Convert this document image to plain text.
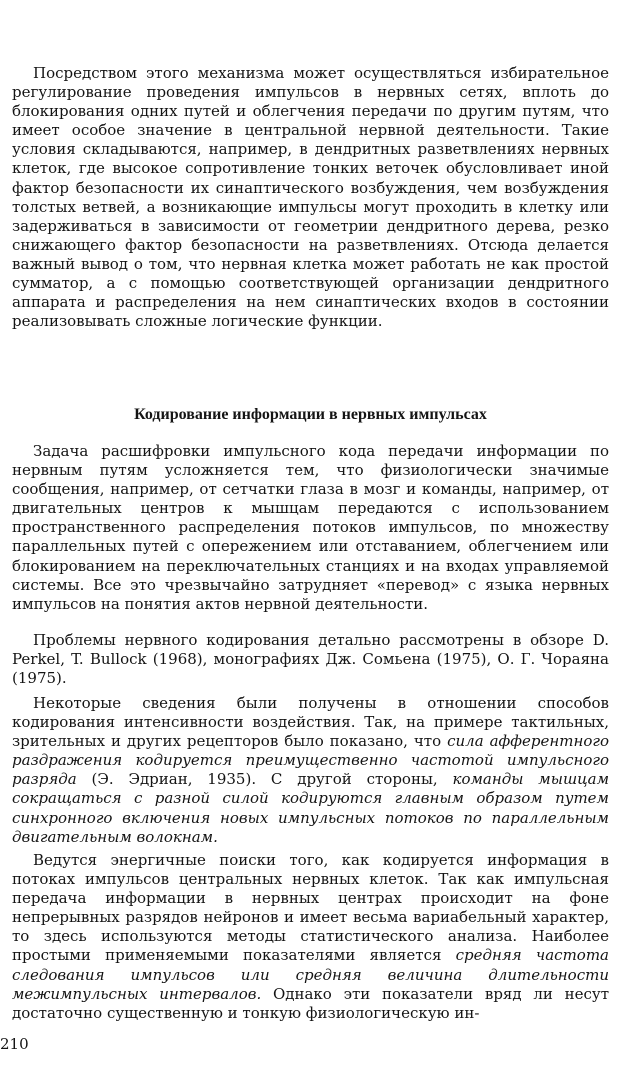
Посредством этого механизма может осуществляться избирательное регулирование проведения импульсов в нервных сетях, вплоть до блокирования одних путей и облегчения передачи по другим путям, что имеет особое значение в центральной нервной деятельности. Такие условия складываются, например, в дендритных разветвлениях нервных клеток, где высокое сопротивление тонких веточек обусловливает иной фактор безопасности их синаптического возбуждения, чем возбуждения толстых ветвей, а возникающие импульсы могут проходить в клетку или задерживаться в зависимости от геометрии дендритного дерева, резко снижающего фактор безопасности на разветвлениях. Отсюда делается важный вывод о том, что нервная клетка может работать не как простой сумматор, а с помощью соответствующей организации дендритного аппарата и распределения на нем синаптических входов в состоянии реализовывать сложные логические функции.
Кодирование информации в нервных импульсах
Задача расшифровки импульсного кода передачи информации по нервным путям усложняется тем, что физиологически значимые сообщения, например, от сетчатки глаза в мозг и команды, например, от двигательных центров к мышцам передаются с использованием пространственного распределения потоков импульсов, по множеству параллельных путей с опережением или отставанием, облегчением или блокированием на переключательных станциях и на входах управляемой системы. Все это чрезвычайно затрудняет «перевод» с языка нервных импульсов на понятия актов нервной деятельности.
Проблемы нервного кодирования детально рассмотрены в обзоре D. Perkel, T. Bullock (1968), монографиях Дж. Сомьена (1975), О. Г. Чораяна (1975).
Некоторые сведения были получены в отношении способов кодирования интенсивности воздействия. Так, на примере тактильных, зрительных и других рецепторов было показано, что сила афферентного раздражения кодируется преимущественно частотой импульсного разряда (Э. Эдриан, 1935). С другой стороны, команды мышцам сокращаться с разной силой кодируются главным образом путем синхронного включения новых импульсных потоков по параллельным двигательным волокнам.
Ведутся энергичные поиски того, как кодируется информация в потоках импульсов центральных нервных клеток. Так как импульсная передача информации в нервных центрах происходит на фоне непрерывных разрядов нейронов и имеет весьма вариабельный характер, то здесь используются методы статистического анализа. Наиболее простыми применяемыми показателями является средняя частота следования импульсов или средняя величина длительности межимпульсных интервалов. Однако эти показатели вряд ли несут достаточно существенную и тонкую физиологическую ин-
210
